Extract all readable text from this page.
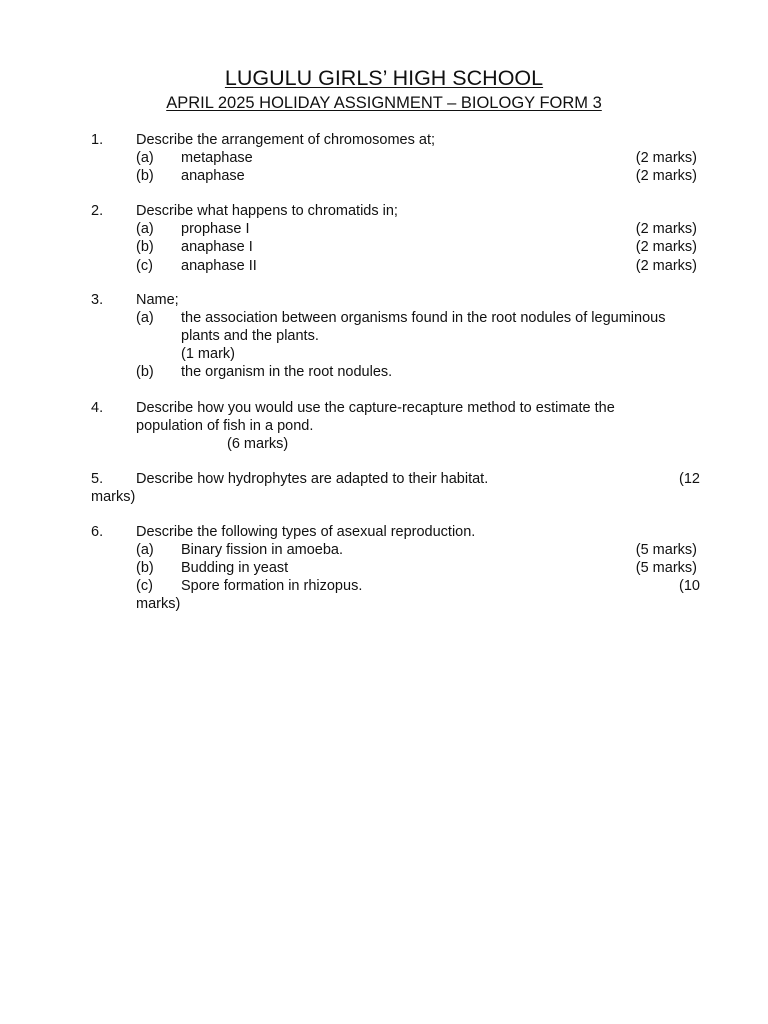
LUGULU GIRLS’ HIGH SCHOOL
APRIL 2025 HOLIDAY ASSIGNMENT – BIOLOGY FORM 3
1. Describe the arrangement of chromosomes at;
(a) metaphase	(2 marks)
(b) anaphase	(2 marks)
2. Describe what happens to chromatids in;
(a) prophase I	(2 marks)
(b) anaphase I	(2 marks)
(c) anaphase II	(2 marks)
3. Name;
(a) the association between organisms found in the root nodules of leguminous
plants and the plants.
(1 mark)
(b) the organism in the root nodules.
4. Describe how you would use the capture-recapture method to estimate the
population of fish in a pond.
(6 marks)
5. Describe how hydrophytes are adapted to their habitat.	(12
marks)
6. Describe the following types of asexual reproduction.
(a) Binary fission in amoeba.	(5 marks)
(b) Budding in yeast	(5 marks)
(c) Spore formation in rhizopus.	(10
marks)
